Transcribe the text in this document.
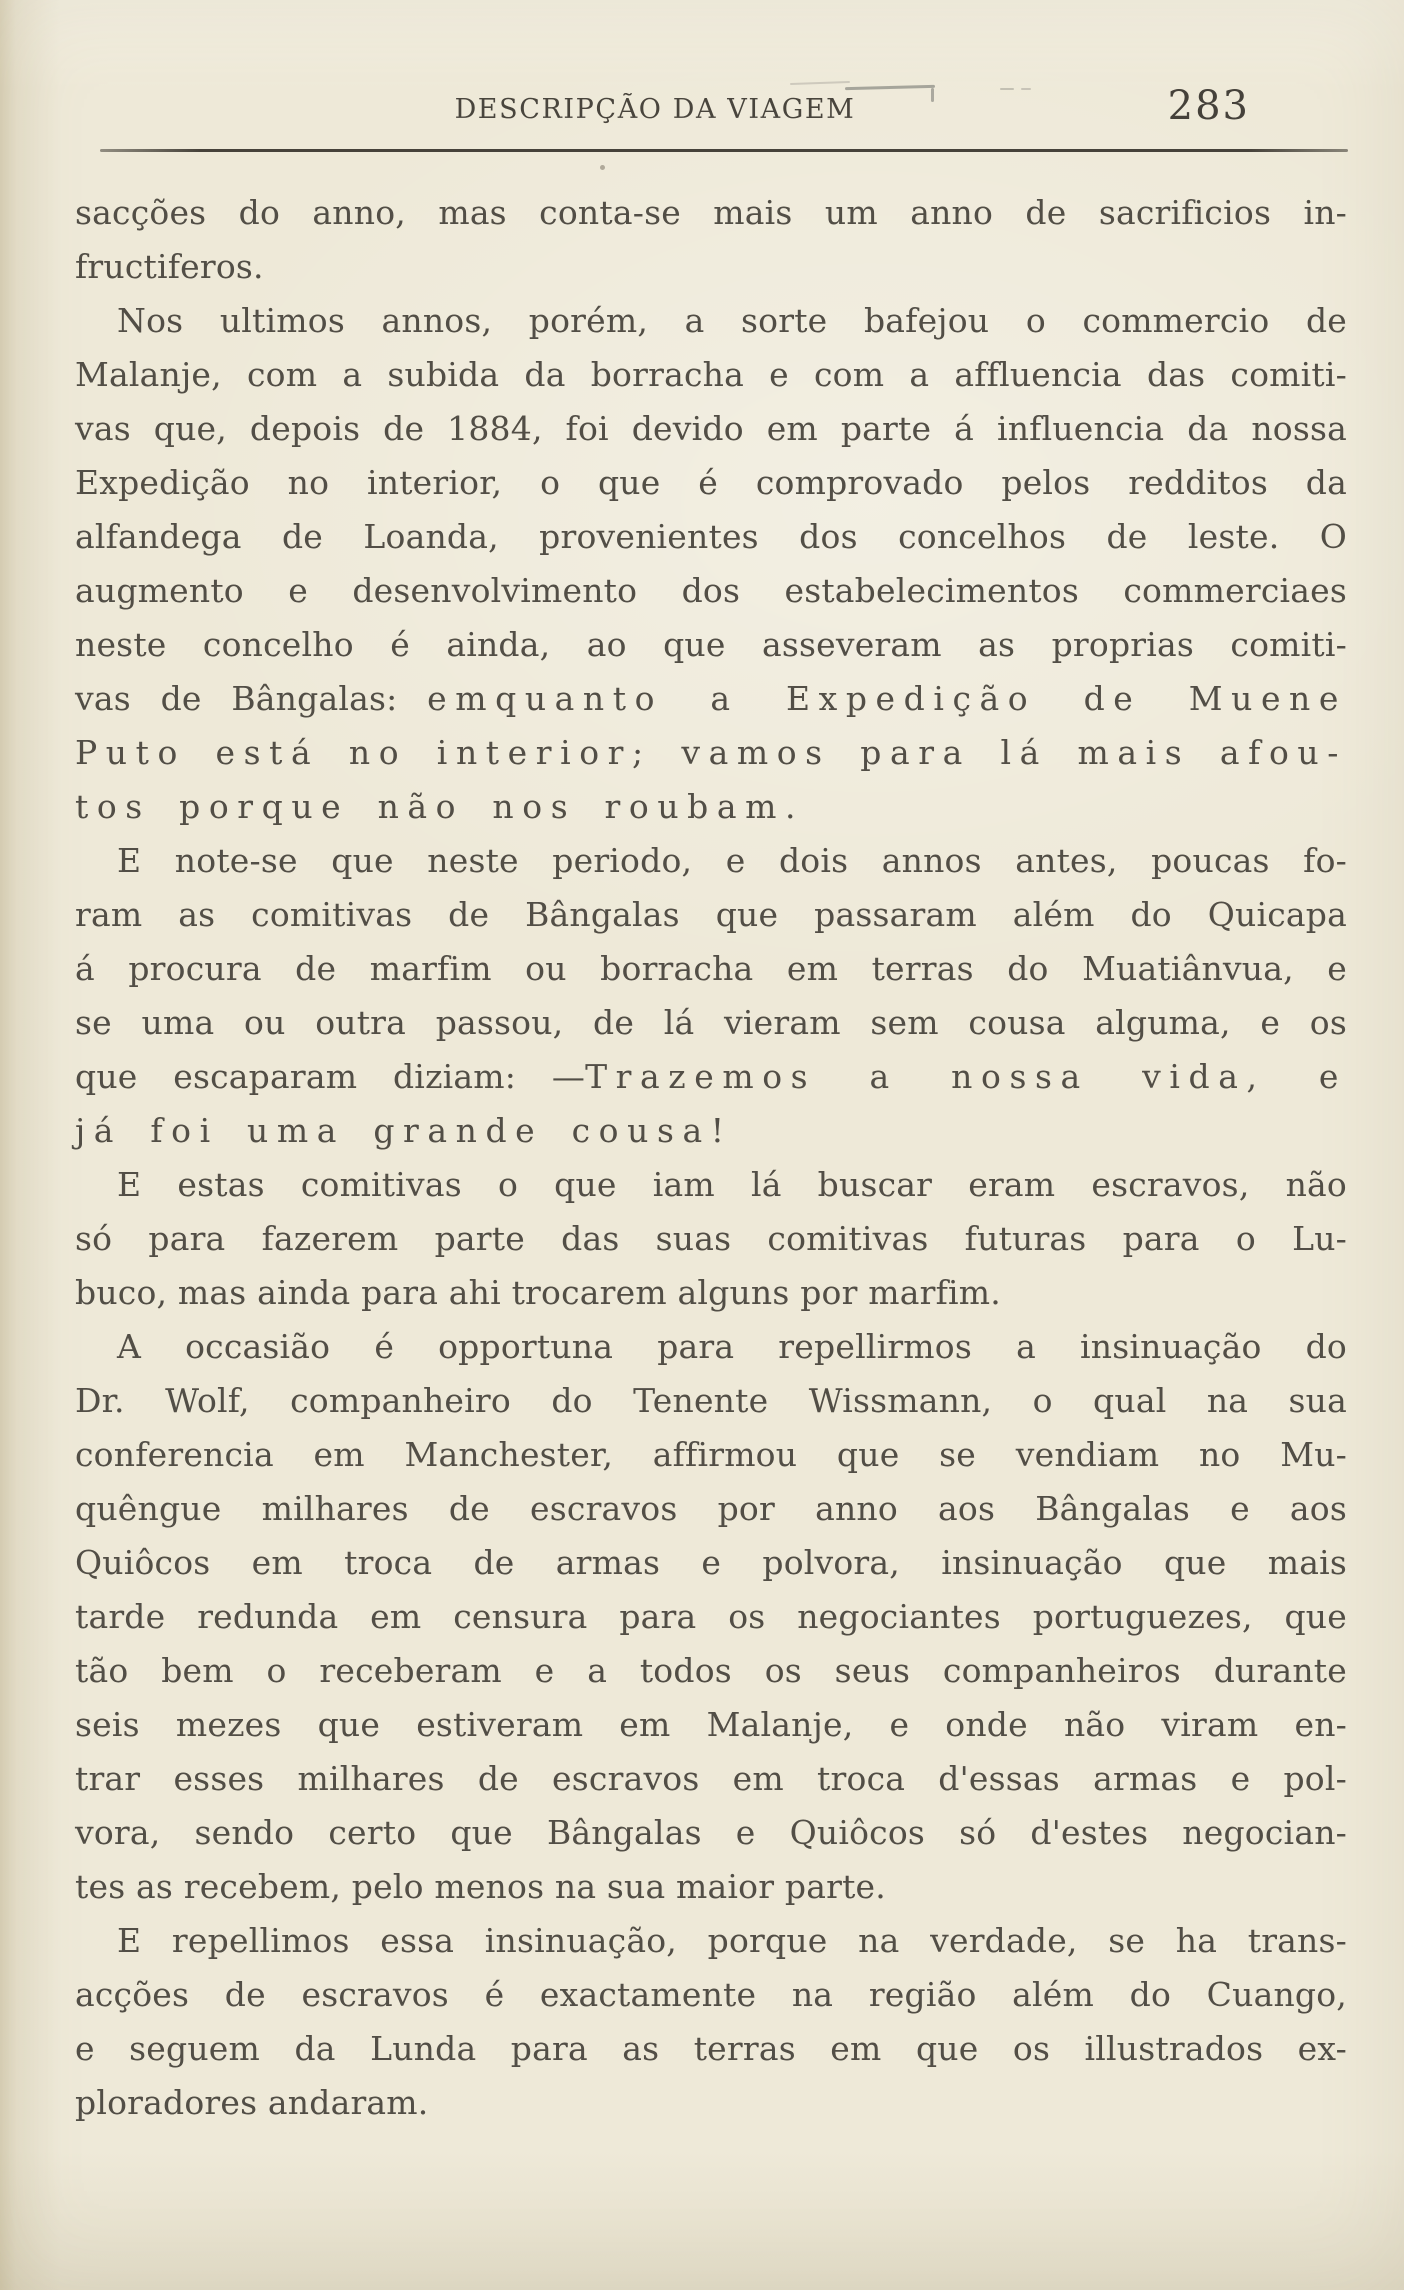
DESCRIPÇÃO DA VIAGEM	283
sacções do anno, mas conta-se mais um anno de sacrificios in-
fructiferos.
Nos ultimos annos, porém, a sorte bafejou o commercio de
Malanje, com a subida da borracha e com a affluencia das comiti-
vas que, depois de 1884, foi devido em parte á influencia da nossa
Expedição no interior, o que é comprovado pelos redditos da
alfandega de Loanda, provenientes dos concelhos de leste. O
augmento e desenvolvimento dos estabelecimentos commerciaes
neste concelho é ainda, ao que asseveram as proprias comiti-
vas de Bângalas: emquanto a Expedição de Muene
Puto está no interior; vamos para lá mais afou-
tos porque não nos roubam.
E note-se que neste periodo, e dois annos antes, poucas fo-
ram as comitivas de Bângalas que passaram além do Quicapa
á procura de marfim ou borracha em terras do Muatiânvua, e
se uma ou outra passou, de lá vieram sem cousa alguma, e os
que escaparam diziam: —Trazemos a nossa vida, e
já foi uma grande cousa!
E estas comitivas o que iam lá buscar eram escravos, não
só para fazerem parte das suas comitivas futuras para o Lu-
buco, mas ainda para ahi trocarem alguns por marfim.
A occasião é opportuna para repellirmos a insinuação do
Dr. Wolf, companheiro do Tenente Wissmann, o qual na sua
conferencia em Manchester, affirmou que se vendiam no Mu-
quêngue milhares de escravos por anno aos Bângalas e aos
Quiôcos em troca de armas e polvora, insinuação que mais
tarde redunda em censura para os negociantes portuguezes, que
tão bem o receberam e a todos os seus companheiros durante
seis mezes que estiveram em Malanje, e onde não viram en-
trar esses milhares de escravos em troca d'essas armas e pol-
vora, sendo certo que Bângalas e Quiôcos só d'estes negocian-
tes as recebem, pelo menos na sua maior parte.
E repellimos essa insinuação, porque na verdade, se ha trans-
acções de escravos é exactamente na região além do Cuango,
e seguem da Lunda para as terras em que os illustrados ex-
ploradores andaram.
